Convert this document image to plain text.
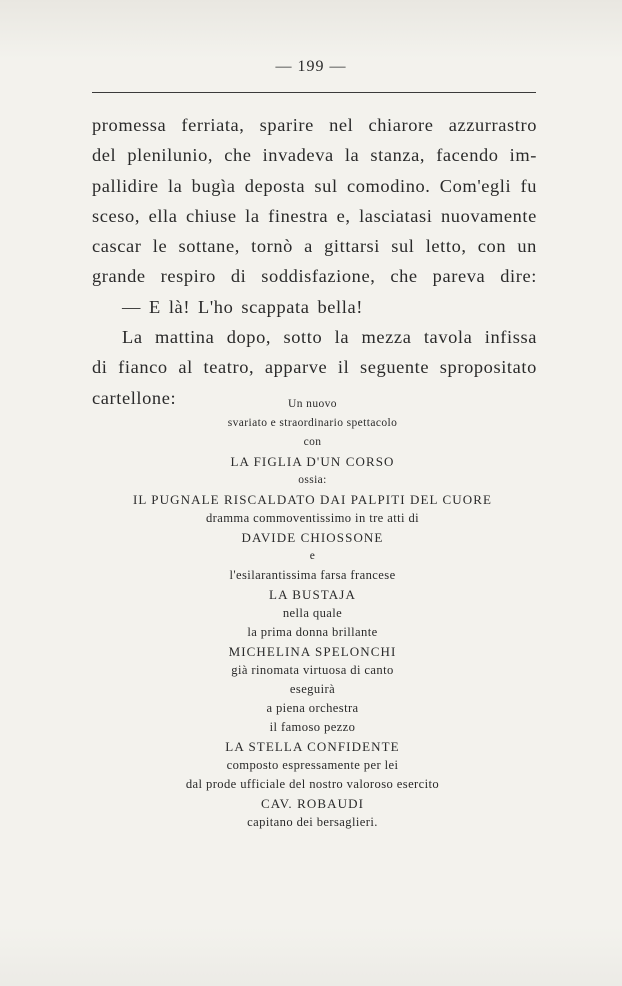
— 199 —
promessa ferriata, sparire nel chiarore azzurrastro
del plenilunio, che invadeva la stanza, facendo im-
pallidire la bugìa deposta sul comodino. Com'egli fu
sceso, ella chiuse la finestra e, lasciatasi nuovamente
cascar le sottane, tornò a gittarsi sul letto, con un
grande respiro di soddisfazione, che pareva dire:
— E là! L'ho scappata bella!
La mattina dopo, sotto la mezza tavola infissa
di fianco al teatro, apparve il seguente spropositato
cartellone:	Un nuovo
svariato e straordinario spettacolo
con
LA FIGLIA D'UN CORSO
ossia:
IL PUGNALE RISCALDATO DAI PALPITI DEL CUORE
dramma commoventissimo in tre atti di
DAVIDE CHIOSSONE
e
l'esilarantissima farsa francese
LA BUSTAJA
nella quale
la prima donna brillante
MICHELINA SPELONCHI
già rinomata virtuosa di canto
eseguirà
a piena orchestra
il famoso pezzo
LA STELLA CONFIDENTE
composto espressamente per lei
dal prode ufficiale del nostro valoroso esercito
CAV. ROBAUDI
capitano dei bersaglieri.
